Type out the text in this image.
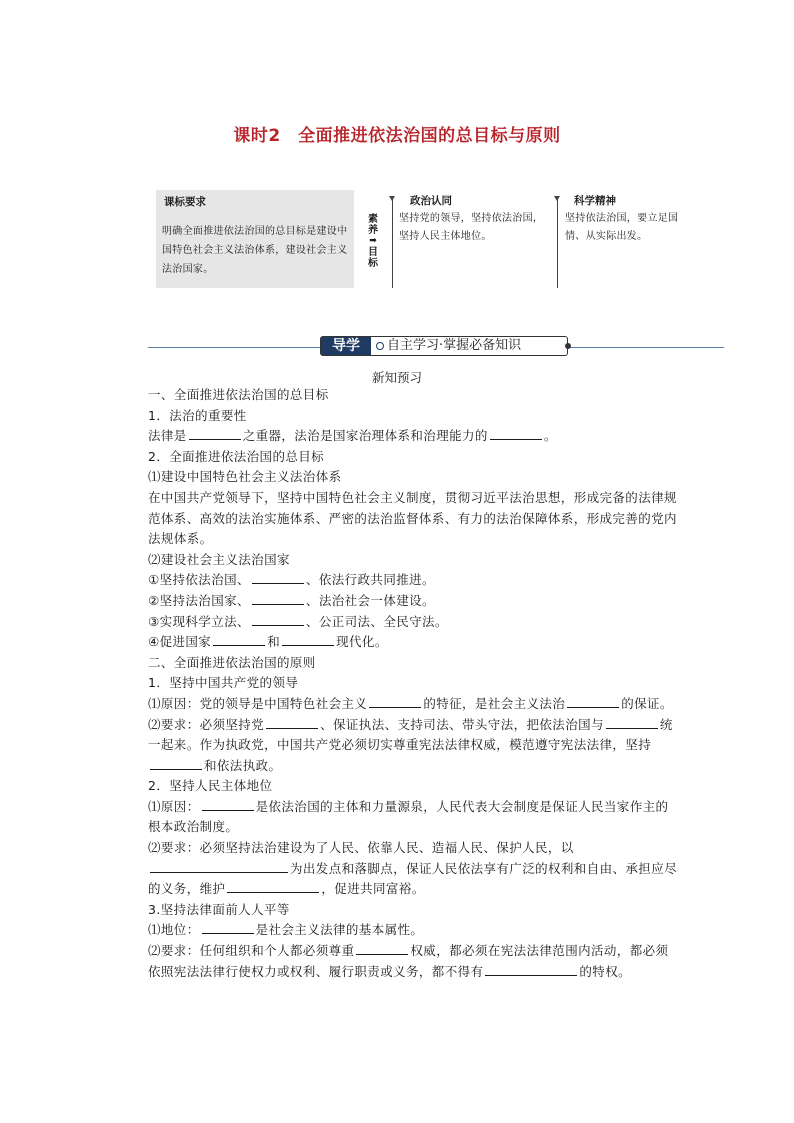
课时2　全面推进依法治国的总目标与原则
课标要求
明确全面推进依法治国的总目标是建设中国特色社会主义法治体系，建设社会主义法治国家。
素养
➡
目标
政治认同
坚持党的领导，坚持依法治国，坚持人民主体地位。
科学精神
坚持依法治国，要立足国情、从实际出发。
导学	自主学习·掌握必备知识
新知预习

一、全面推进依法治国的总目标

1．法治的重要性

法律是	之重器，法治是国家治理体系和治理能力的	。

2．全面推进依法治国的总目标

⑴建设中国特色社会主义法治体系

在中国共产党领导下，坚持中国特色社会主义制度，贯彻习近平法治思想，形成完备的法律规范体系、高效的法治实施体系、严密的法治监督体系、有力的法治保障体系，形成完善的党内法规体系。

⑵建设社会主义法治国家

①坚持依法治国、	、依法行政共同推进。

②坚持法治国家、	、法治社会一体建设。

③实现科学立法、	、公正司法、全民守法。

④促进国家	和	现代化。

二、全面推进依法治国的原则

1．坚持中国共产党的领导

⑴原因：党的领导是中国特色社会主义	的特征，是社会主义法治	的保证。

⑵要求：必须坚持党	、保证执法、支持司法、带头守法，把依法治国与	统一起来。作为执政党，中国共产党必须切实尊重宪法法律权威，模范遵守宪法法律，坚持和依法执政。

2．坚持人民主体地位

⑴原因：	是依法治国的主体和力量源泉，人民代表大会制度是保证人民当家作主的根本政治制度。

⑵要求：必须坚持法治建设为了人民、依靠人民、造福人民、保护人民，以为出发点和落脚点，保证人民依法享有广泛的权利和自由、承担应尽的义务，维护	，促进共同富裕。

3.坚持法律面前人人平等

⑴地位：	是社会主义法律的基本属性。

⑵要求：任何组织和个人都必须尊重	权威，都必须在宪法法律范围内活动，都必须依照宪法法律行使权力或权利、履行职责或义务，都不得有	的特权。
